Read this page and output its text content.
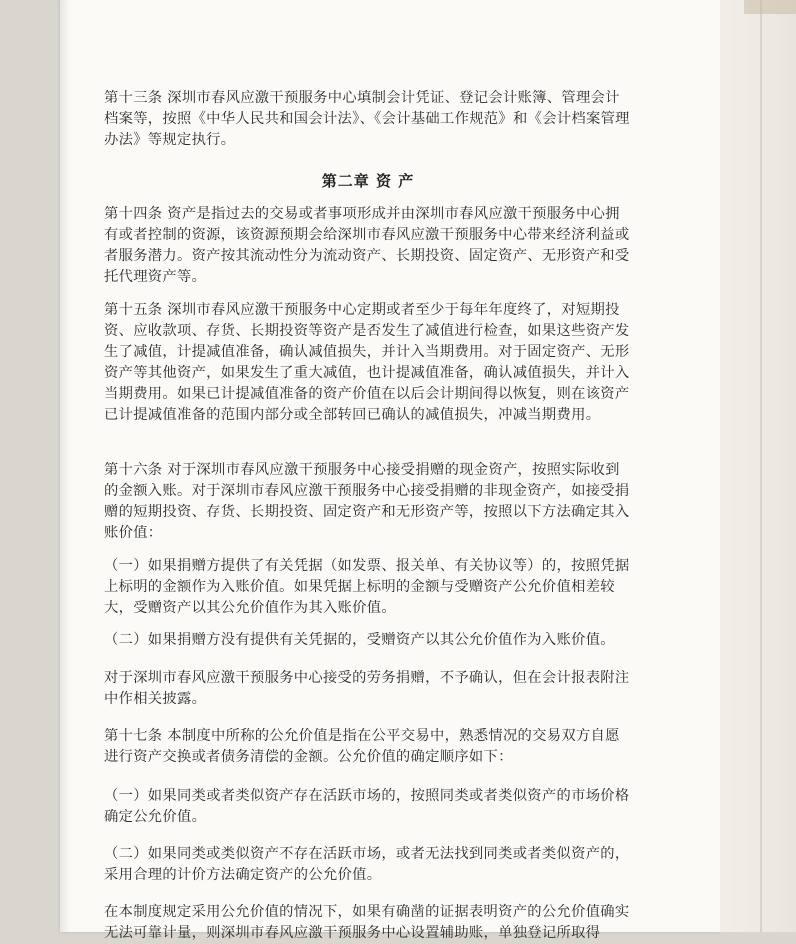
第十三条 深圳市春风应激干预服务中心填制会计凭证、登记会计账簿、管理会计档案等，按照《中华人民共和国会计法》、《会计基础工作规范》和《会计档案管理办法》等规定执行。

第二章 资 产

第十四条 资产是指过去的交易或者事项形成并由深圳市春风应激干预服务中心拥有或者控制的资源，该资源预期会给深圳市春风应激干预服务中心带来经济利益或者服务潜力。资产按其流动性分为流动资产、长期投资、固定资产、无形资产和受托代理资产等。

第十五条 深圳市春风应激干预服务中心定期或者至少于每年年度终了，对短期投资、应收款项、存货、长期投资等资产是否发生了减值进行检查，如果这些资产发生了减值，计提减值准备，确认减值损失，并计入当期费用。对于固定资产、无形资产等其他资产，如果发生了重大减值，也计提减值准备，确认减值损失，并计入当期费用。如果已计提减值准备的资产价值在以后会计期间得以恢复，则在该资产已计提减值准备的范围内部分或全部转回已确认的减值损失，冲减当期费用。

第十六条 对于深圳市春风应激干预服务中心接受捐赠的现金资产，按照实际收到的金额入账。对于深圳市春风应激干预服务中心接受捐赠的非现金资产，如接受捐赠的短期投资、存货、长期投资、固定资产和无形资产等，按照以下方法确定其入账价值：

（一）如果捐赠方提供了有关凭据（如发票、报关单、有关协议等）的，按照凭据上标明的金额作为入账价值。如果凭据上标明的金额与受赠资产公允价值相差较大，受赠资产以其公允价值作为其入账价值。

（二）如果捐赠方没有提供有关凭据的，受赠资产以其公允价值作为入账价值。

对于深圳市春风应激干预服务中心接受的劳务捐赠，不予确认，但在会计报表附注中作相关披露。

第十七条 本制度中所称的公允价值是指在公平交易中，熟悉情况的交易双方自愿进行资产交换或者债务清偿的金额。公允价值的确定顺序如下：

（一）如果同类或者类似资产存在活跃市场的，按照同类或者类似资产的市场价格确定公允价值。

（二）如果同类或类似资产不存在活跃市场，或者无法找到同类或者类似资产的，采用合理的计价方法确定资产的公允价值。

在本制度规定采用公允价值的情况下，如果有确凿的证据表明资产的公允价值确实无法可靠计量，则深圳市春风应激干预服务中心设置辅助账，单独登记所取得
